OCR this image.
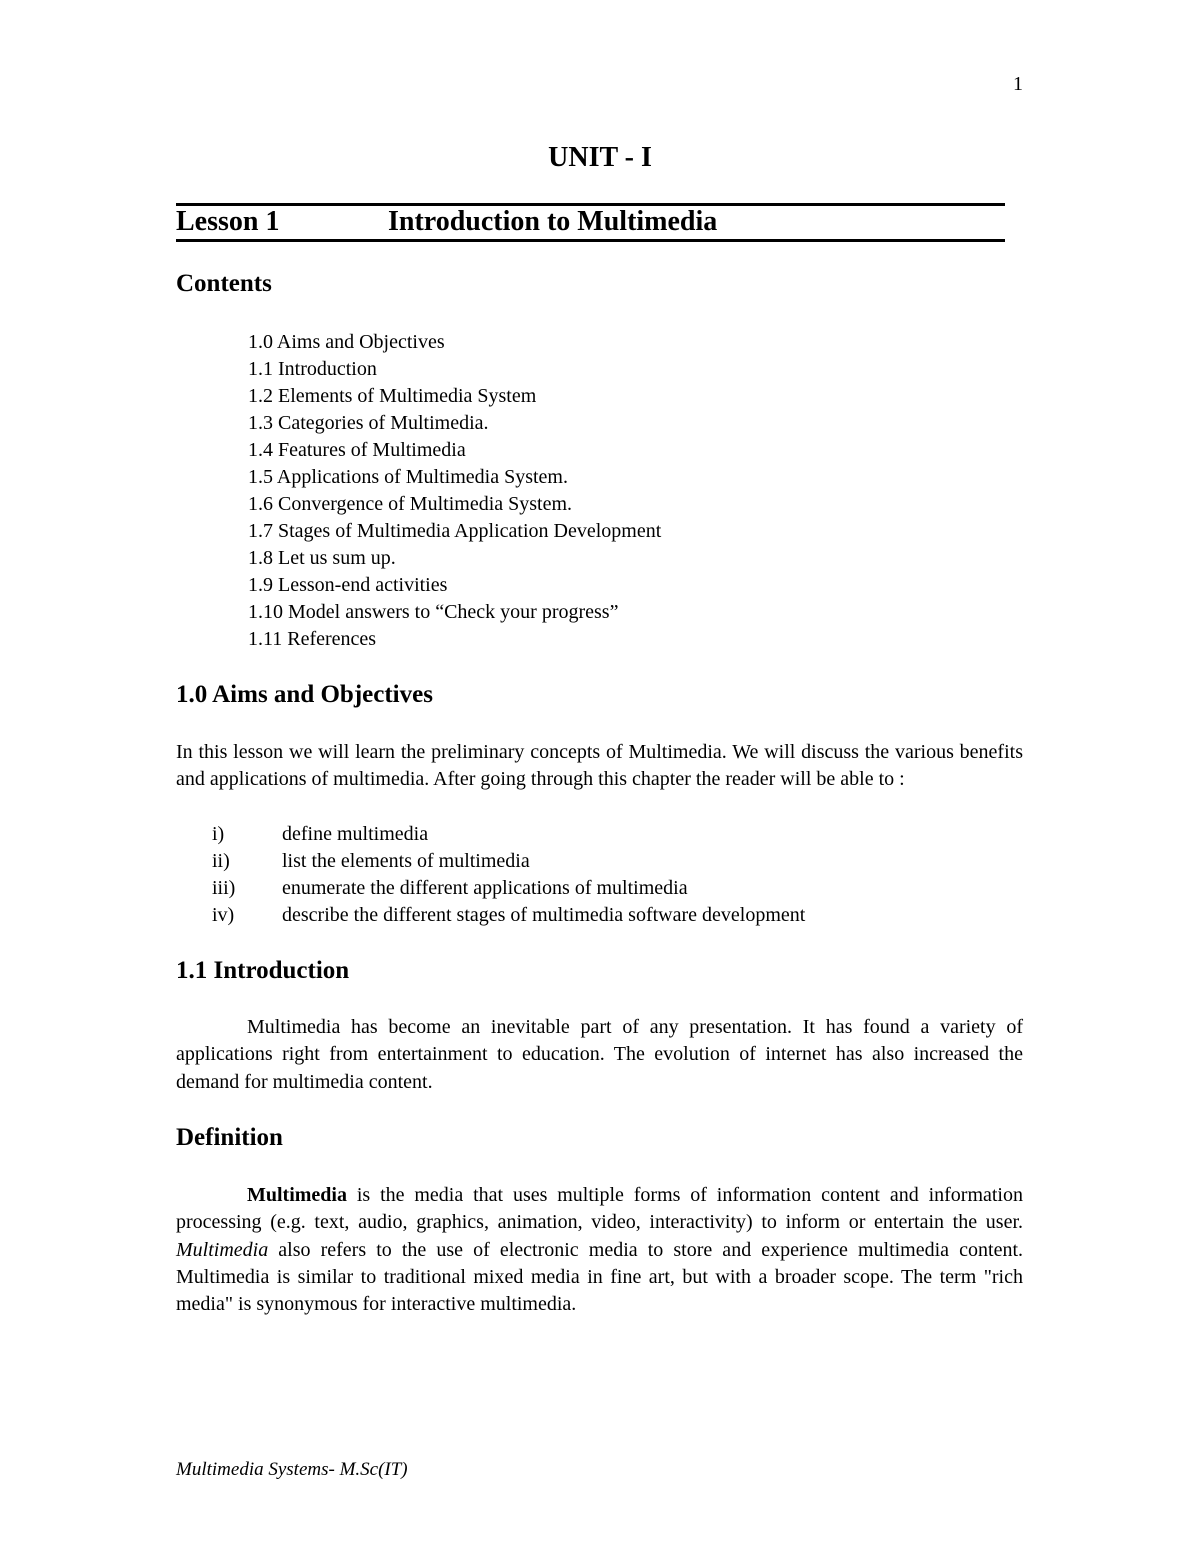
1
UNIT - I
Lesson 1	Introduction to Multimedia
Contents
1.0 Aims and Objectives
1.1 Introduction
1.2 Elements of Multimedia System
1.3 Categories of Multimedia.
1.4 Features of Multimedia
1.5 Applications of Multimedia System.
1.6 Convergence of Multimedia System.
1.7 Stages of Multimedia Application Development
1.8 Let us sum up.
1.9 Lesson-end activities
1.10 Model answers to “Check your progress”
1.11 References
1.0 Aims and Objectives

In this lesson we will learn the preliminary concepts of Multimedia. We will discuss the various benefits and applications of multimedia. After going through this chapter the reader will be able to :

i)	define multimedia
ii)	list the elements of multimedia
iii)	enumerate the different applications of multimedia
iv)	describe the different stages of multimedia software development
1.1 Introduction

Multimedia has become an inevitable part of any presentation. It has found a variety of applications right from entertainment to education. The evolution of internet has also increased the demand for multimedia content.

Definition

Multimedia is the media that uses multiple forms of information content and information processing (e.g. text, audio, graphics, animation, video, interactivity) to inform or entertain the user. Multimedia also refers to the use of electronic media to store and experience multimedia content. Multimedia is similar to traditional mixed media in fine art, but with a broader scope. The term "rich media" is synonymous for interactive multimedia.

Multimedia Systems- M.Sc(IT)
